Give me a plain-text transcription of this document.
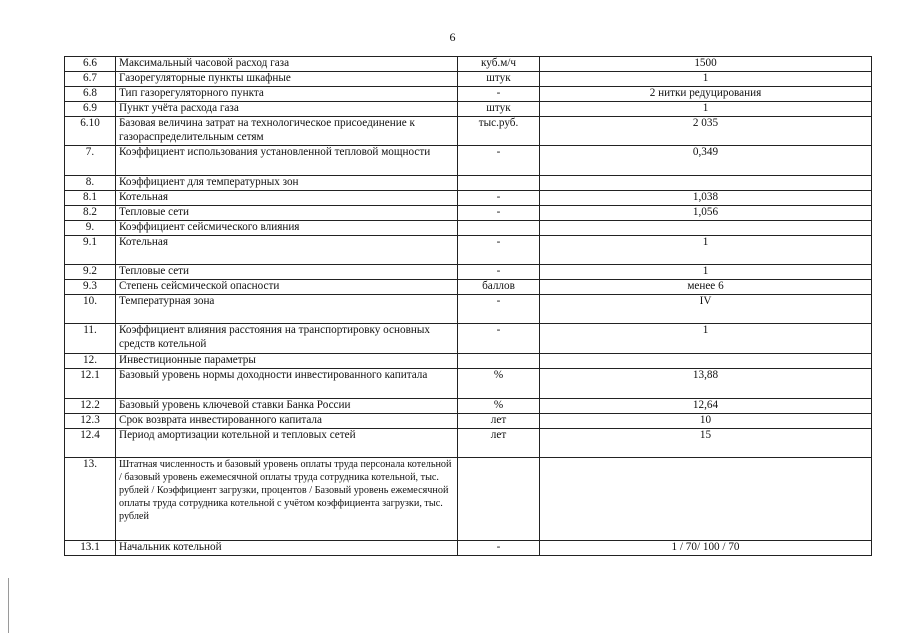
6
6.6	Максимальный часовой расход газа	куб.м/ч	1500
6.7	Газорегуляторные пункты шкафные	штук	1
6.8	Тип газорегуляторного пункта	-	2 нитки редуцирования
6.9	Пункт учёта расхода газа	штук	1
6.10	Базовая величина затрат на технологическое присоединение к газораспределительным сетям	тыс.руб.	2 035
7.	Коэффициент использования установленной тепловой мощности	-	0,349
8.	Коэффициент для температурных зон		
8.1	Котельная	-	1,038
8.2	Тепловые сети	-	1,056
9.	Коэффициент сейсмического влияния		
9.1	Котельная	-	1
9.2	Тепловые сети	-	1
9.3	Степень сейсмической опасности	баллов	менее 6
10.	Температурная зона	-	IV
11.	Коэффициент влияния расстояния на транспортировку основных средств котельной	-	1
12.	Инвестиционные параметры		
12.1	Базовый уровень нормы доходности инвестированного капитала	%	13,88
12.2	Базовый уровень ключевой ставки Банка России	%	12,64
12.3	Срок возврата инвестированного капитала	лет	10
12.4	Период амортизации котельной и тепловых сетей	лет	15
13.	Штатная численность и базовый уровень оплаты труда персонала котельной / базовый уровень ежемесячной оплаты труда сотрудника котельной, тыс. рублей / Коэффициент загрузки, процентов / Базовый уровень ежемесячной оплаты труда сотрудника котельной с учётом коэффициента загрузки, тыс. рублей		
13.1	Начальник котельной	-	1 / 70/ 100 / 70
